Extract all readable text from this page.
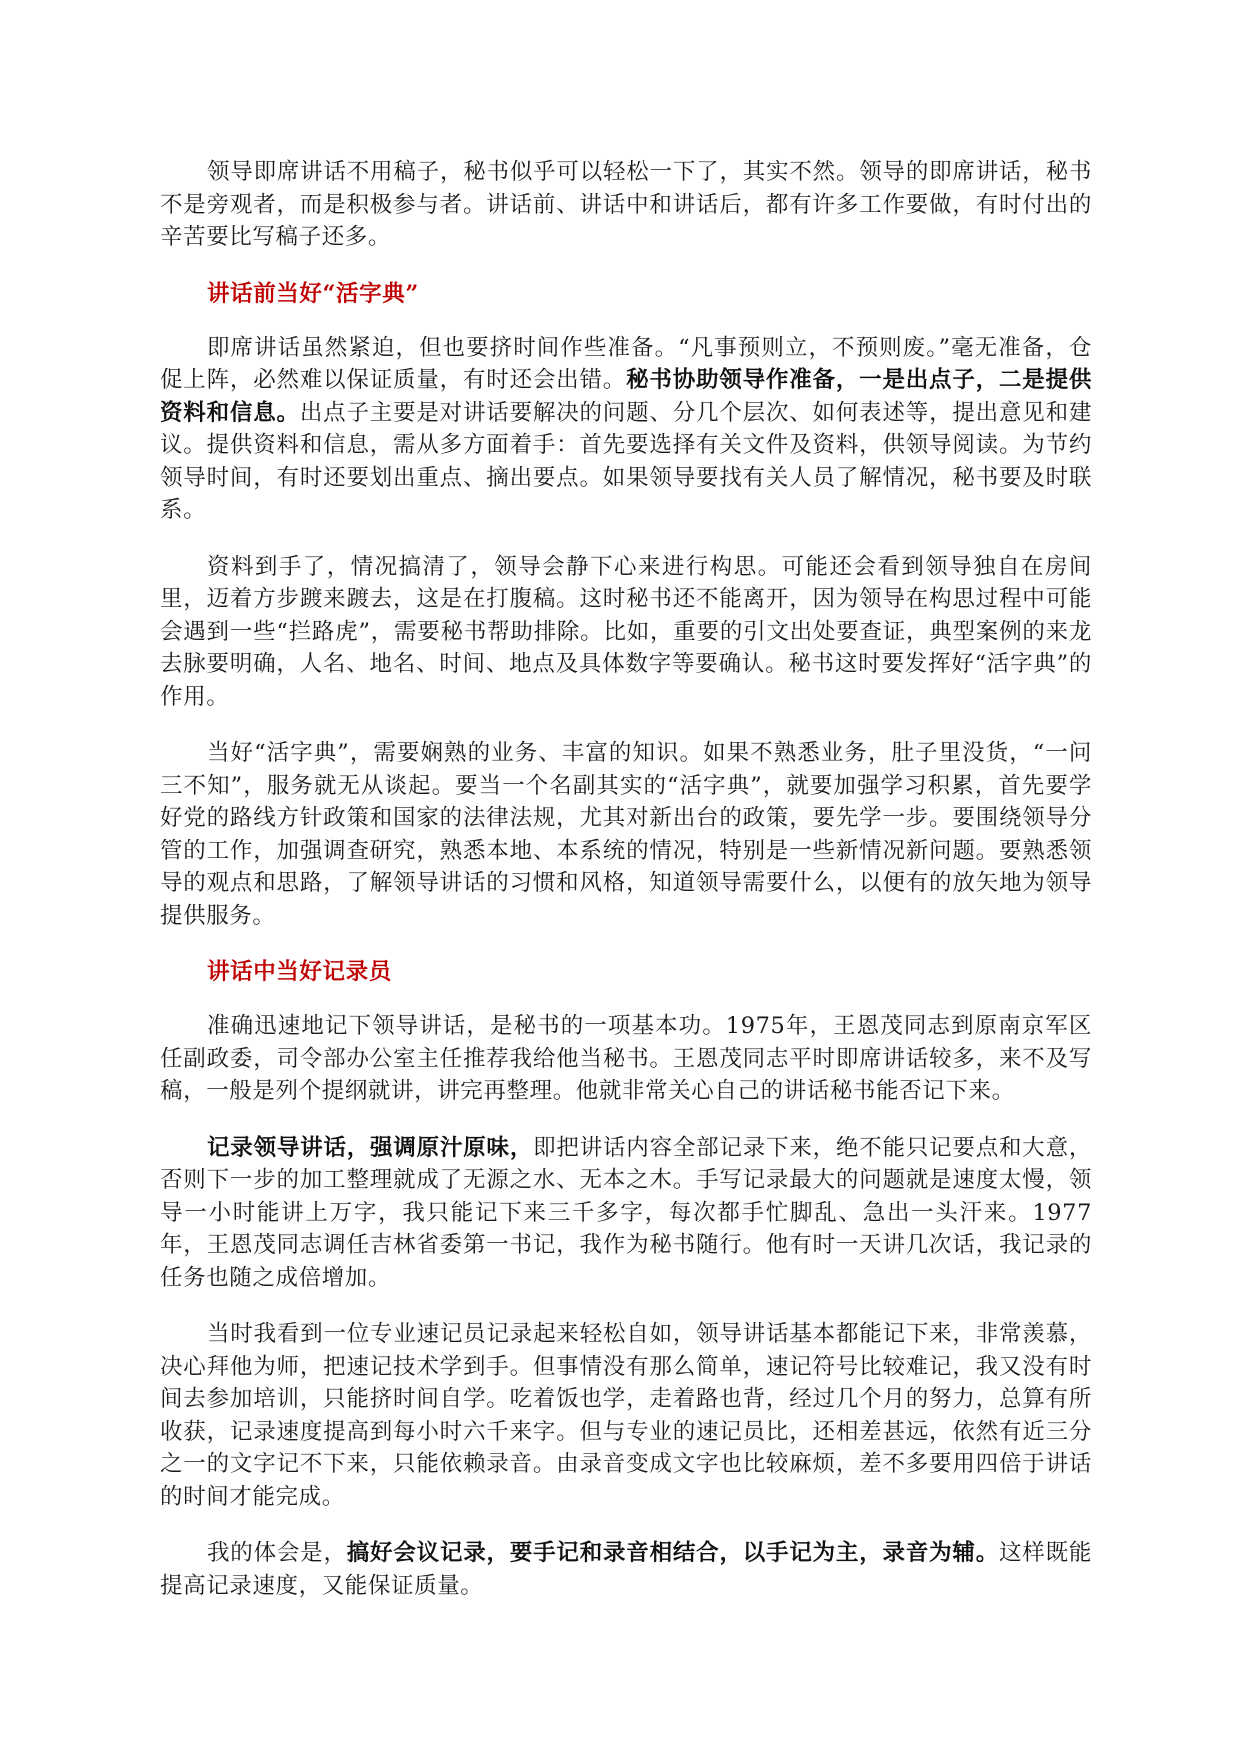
领导即席讲话不用稿子，秘书似乎可以轻松一下了，其实不然。领导的即席讲话，秘书不是旁观者，而是积极参与者。讲话前、讲话中和讲话后，都有许多工作要做，有时付出的辛苦要比写稿子还多。

讲话前当好“活字典”

即席讲话虽然紧迫，但也要挤时间作些准备。“凡事预则立，不预则废。”毫无准备，仓促上阵，必然难以保证质量，有时还会出错。秘书协助领导作准备，一是出点子，二是提供资料和信息。出点子主要是对讲话要解决的问题、分几个层次、如何表述等，提出意见和建议。提供资料和信息，需从多方面着手：首先要选择有关文件及资料，供领导阅读。为节约领导时间，有时还要划出重点、摘出要点。如果领导要找有关人员了解情况，秘书要及时联系。

资料到手了，情况搞清了，领导会静下心来进行构思。可能还会看到领导独自在房间里，迈着方步踱来踱去，这是在打腹稿。这时秘书还不能离开，因为领导在构思过程中可能会遇到一些“拦路虎”，需要秘书帮助排除。比如，重要的引文出处要查证，典型案例的来龙去脉要明确，人名、地名、时间、地点及具体数字等要确认。秘书这时要发挥好“活字典”的作用。

当好“活字典”，需要娴熟的业务、丰富的知识。如果不熟悉业务，肚子里没货，“一问三不知”，服务就无从谈起。要当一个名副其实的“活字典”，就要加强学习积累，首先要学好党的路线方针政策和国家的法律法规，尤其对新出台的政策，要先学一步。要围绕领导分管的工作，加强调查研究，熟悉本地、本系统的情况，特别是一些新情况新问题。要熟悉领导的观点和思路，了解领导讲话的习惯和风格，知道领导需要什么，以便有的放矢地为领导提供服务。

讲话中当好记录员

准确迅速地记下领导讲话，是秘书的一项基本功。1975年，王恩茂同志到原南京军区任副政委，司令部办公室主任推荐我给他当秘书。王恩茂同志平时即席讲话较多，来不及写稿，一般是列个提纲就讲，讲完再整理。他就非常关心自己的讲话秘书能否记下来。

记录领导讲话，强调原汁原味，即把讲话内容全部记录下来，绝不能只记要点和大意，否则下一步的加工整理就成了无源之水、无本之木。手写记录最大的问题就是速度太慢，领导一小时能讲上万字，我只能记下来三千多字，每次都手忙脚乱、急出一头汗来。1977年，王恩茂同志调任吉林省委第一书记，我作为秘书随行。他有时一天讲几次话，我记录的任务也随之成倍增加。

当时我看到一位专业速记员记录起来轻松自如，领导讲话基本都能记下来，非常羡慕，决心拜他为师，把速记技术学到手。但事情没有那么简单，速记符号比较难记，我又没有时间去参加培训，只能挤时间自学。吃着饭也学，走着路也背，经过几个月的努力，总算有所收获，记录速度提高到每小时六千来字。但与专业的速记员比，还相差甚远，依然有近三分之一的文字记不下来，只能依赖录音。由录音变成文字也比较麻烦，差不多要用四倍于讲话的时间才能完成。

我的体会是，搞好会议记录，要手记和录音相结合，以手记为主，录音为辅。这样既能提高记录速度，又能保证质量。
